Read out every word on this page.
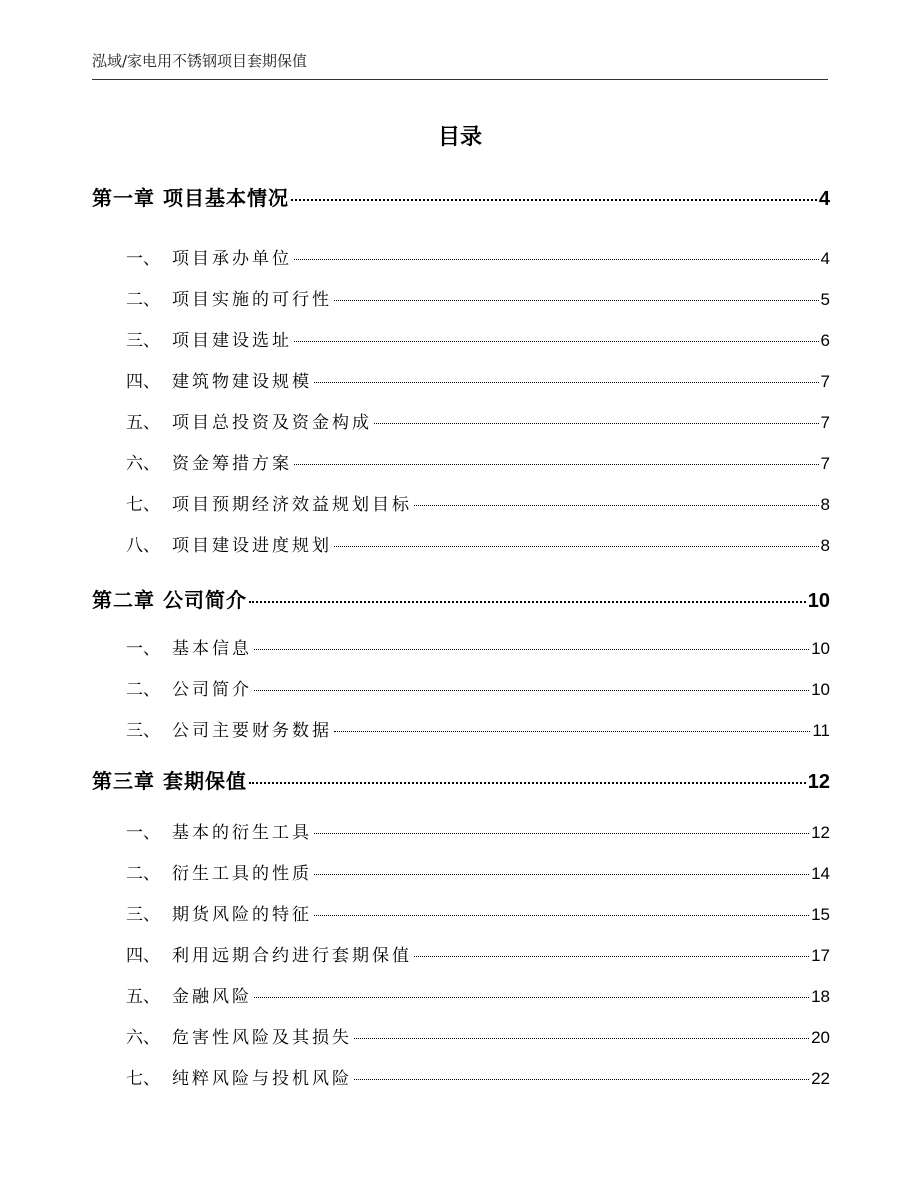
泓域/家电用不锈钢项目套期保值
目录
第一章 项目基本情况	4
一、 项目承办单位	4
二、 项目实施的可行性	5
三、 项目建设选址	6
四、 建筑物建设规模	7
五、 项目总投资及资金构成	7
六、 资金筹措方案	7
七、 项目预期经济效益规划目标	8
八、 项目建设进度规划	8
第二章 公司简介	10
一、 基本信息	10
二、 公司简介	10
三、 公司主要财务数据	11
第三章 套期保值	12
一、 基本的衍生工具	12
二、 衍生工具的性质	14
三、 期货风险的特征	15
四、 利用远期合约进行套期保值	17
五、 金融风险	18
六、 危害性风险及其损失	20
七、 纯粹风险与投机风险	22
